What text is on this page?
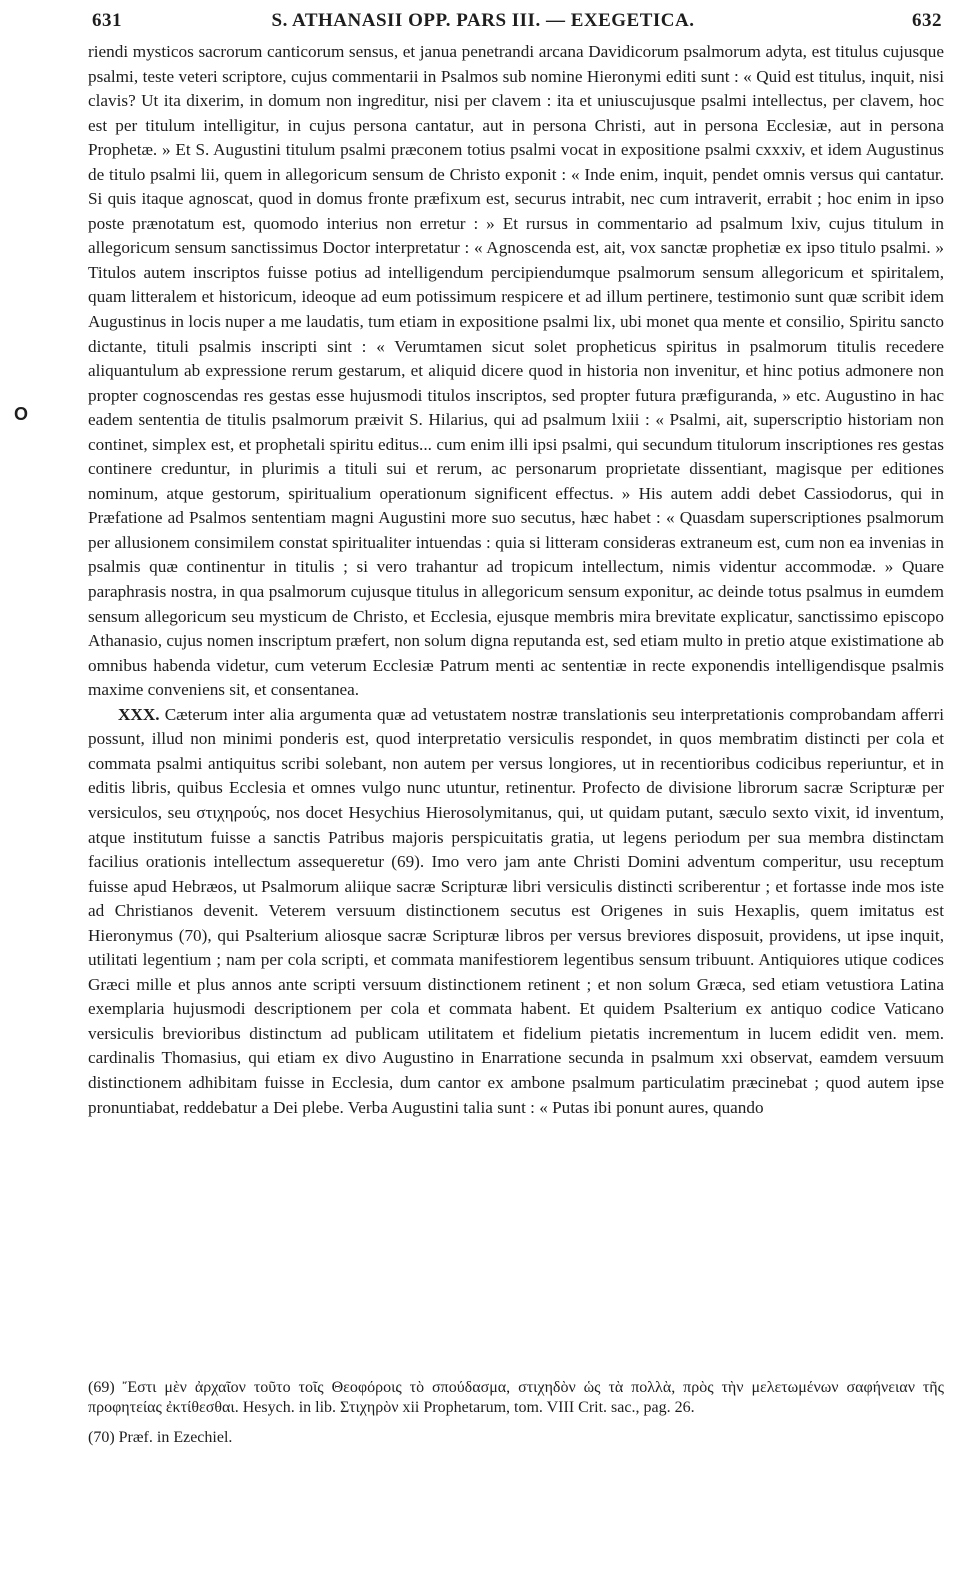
631	S. ATHANASII OPP. PARS III. — EXEGETICA.	632
O

riendi mysticos sacrorum canticorum sensus, et janua penetrandi arcana Davidicorum psalmorum adyta, est titulus cujusque psalmi, teste veteri scriptore, cujus commentarii in Psalmos sub nomine Hieronymi editi sunt : « Quid est titulus, inquit, nisi clavis? Ut ita dixerim, in domum non ingreditur, nisi per clavem : ita et uniuscujusque psalmi intellectus, per clavem, hoc est per titulum intelligitur, in cujus persona cantatur, aut in persona Christi, aut in persona Ecclesiæ, aut in persona Prophetæ. » Et S. Augustini titulum psalmi præconem totius psalmi vocat in expositione psalmi cxxxiv, et idem Augustinus de titulo psalmi lii, quem in allegoricum sensum de Christo exponit : « Inde enim, inquit, pendet omnis versus qui cantatur. Si quis itaque agnoscat, quod in domus fronte præfixum est, securus intrabit, nec cum intraverit, errabit ; hoc enim in ipso poste prænotatum est, quomodo interius non erretur : » Et rursus in commentario ad psalmum lxiv, cujus titulum in allegoricum sensum sanctissimus Doctor interpretatur : « Agnoscenda est, ait, vox sanctæ prophetiæ ex ipso titulo psalmi. » Titulos autem inscriptos fuisse potius ad intelligendum percipiendumque psalmorum sensum allegoricum et spiritalem, quam litteralem et historicum, ideoque ad eum potissimum respicere et ad illum pertinere, testimonio sunt quæ scribit idem Augustinus in locis nuper a me laudatis, tum etiam in expositione psalmi lix, ubi monet qua mente et consilio, Spiritu sancto dictante, tituli psalmis inscripti sint : « Verumtamen sicut solet propheticus spiritus in psalmorum titulis recedere aliquantulum ab expressione rerum gestarum, et aliquid dicere quod in historia non invenitur, et hinc potius admonere non propter cognoscendas res gestas esse hujusmodi titulos inscriptos, sed propter futura præfiguranda, » etc. Augustino in hac eadem sententia de titulis psalmorum præivit S. Hilarius, qui ad psalmum lxiii : « Psalmi, ait, superscriptio historiam non continet, simplex est, et prophetali spiritu editus... cum enim illi ipsi psalmi, qui secundum titulorum inscriptiones res gestas continere creduntur, in plurimis a tituli sui et rerum, ac personarum proprietate dissentiant, magisque per editiones nominum, atque gestorum, spiritualium operationum significent effectus. » His autem addi debet Cassiodorus, qui in Præfatione ad Psalmos sententiam magni Augustini more suo secutus, hæc habet : « Quasdam superscriptiones psalmorum per allusionem consimilem constat spiritualiter intuendas : quia si litteram consideras extraneum est, cum non ea invenias in psalmis quæ continentur in titulis ; si vero trahantur ad tropicum intellectum, nimis videntur accommodæ. » Quare paraphrasis nostra, in qua psalmorum cujusque titulus in allegoricum sensum exponitur, ac deinde totus psalmus in eumdem sensum allegoricum seu mysticum de Christo, et Ecclesia, ejusque membris mira brevitate explicatur, sanctissimo episcopo Athanasio, cujus nomen inscriptum præfert, non solum digna reputanda est, sed etiam multo in pretio atque existimatione ab omnibus habenda videtur, cum veterum Ecclesiæ Patrum menti ac sententiæ in recte exponendis intelligendisque psalmis maxime conveniens sit, et consentanea.

XXX. Cæterum inter alia argumenta quæ ad vetustatem nostræ translationis seu interpretationis comprobandam afferri possunt, illud non minimi ponderis est, quod interpretatio versiculis respondet, in quos membratim distincti per cola et commata psalmi antiquitus scribi solebant, non autem per versus longiores, ut in recentioribus codicibus reperiuntur, et in editis libris, quibus Ecclesia et omnes vulgo nunc utuntur, retinentur. Profecto de divisione librorum sacræ Scripturæ per versiculos, seu στιχηρούς, nos docet Hesychius Hierosolymitanus, qui, ut quidam putant, sæculo sexto vixit, id inventum, atque institutum fuisse a sanctis Patribus majoris perspicuitatis gratia, ut legens periodum per sua membra distinctam facilius orationis intellectum assequeretur (69). Imo vero jam ante Christi Domini adventum comperitur, usu receptum fuisse apud Hebræos, ut Psalmorum aliique sacræ Scripturæ libri versiculis distincti scriberentur ; et fortasse inde mos iste ad Christianos devenit. Veterem versuum distinctionem secutus est Origenes in suis Hexaplis, quem imitatus est Hieronymus (70), qui Psalterium aliosque sacræ Scripturæ libros per versus breviores disposuit, providens, ut ipse inquit, utilitati legentium ; nam per cola scripti, et commata manifestiorem legentibus sensum tribuunt. Antiquiores utique codices Græci mille et plus annos ante scripti versuum distinctionem retinent ; et non solum Græca, sed etiam vetustiora Latina exemplaria hujusmodi descriptionem per cola et commata habent. Et quidem Psalterium ex antiquo codice Vaticano versiculis brevioribus distinctum ad publicam utilitatem et fidelium pietatis incrementum in lucem edidit ven. mem. cardinalis Thomasius, qui etiam ex divo Augustino in Enarratione secunda in psalmum xxi observat, eamdem versuum distinctionem adhibitam fuisse in Ecclesia, dum cantor ex ambone psalmum particulatim præcinebat ; quod autem ipse pronuntiabat, reddebatur a Dei plebe. Verba Augustini talia sunt : « Putas ibi ponunt aures, quando

(69) Ἔστι μὲν ἀρχαῖον τοῦτο τοῖς Θεοφόροις τὸ σπούδασμα, στιχηδὸν ὡς τὰ πολλὰ, πρὸς τὴν μελετωμένων σαφήνειαν τῆς προφητείας ἐκτίθεσθαι. Hesych. in lib. Στιχηρὸν xii Prophetarum, tom. VIII Crit. sac., pag. 26.

(70) Præf. in Ezechiel.
